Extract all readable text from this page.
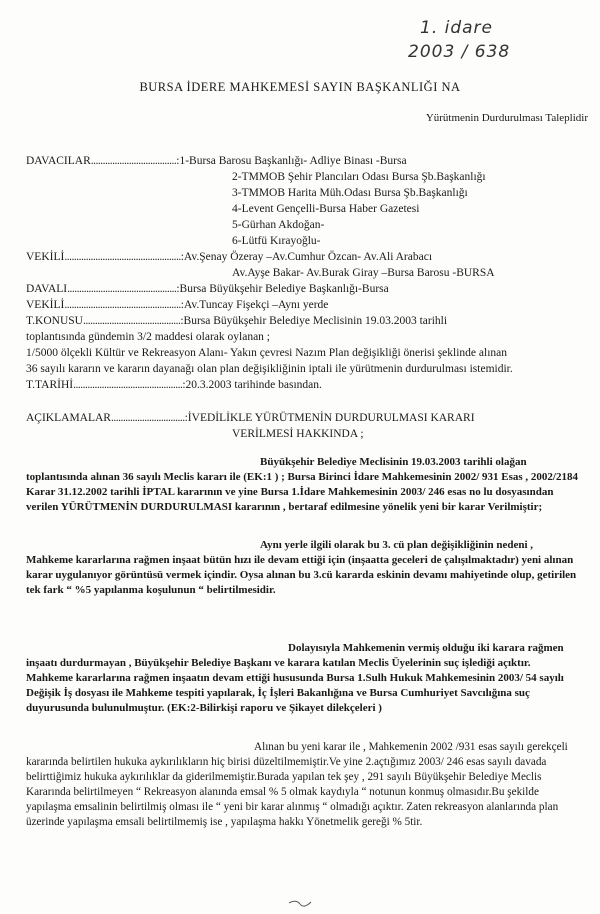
1. idare
2003 / 638
BURSA İDERE MAHKEMESİ SAYIN BAŞKANLIĞI NA
Yürütmenin Durdurulması Taleplidir
DAVACILAR....................................:1-Bursa Barosu Başkanlığı- Adliye Binası -Bursa
2-TMMOB Şehir Plancıları Odası Bursa Şb.Başkanlığı
3-TMMOB Harita Müh.Odası Bursa Şb.Başkanlığı
4-Levent Gençelli-Bursa Haber Gazetesi
5-Gürhan Akdoğan-
6-Lütfü Kırayoğlu-
VEKİLİ.................................................:Av.Şenay Özeray –Av.Cumhur Özcan- Av.Ali Arabacı
Av.Ayşe Bakar- Av.Burak Giray –Bursa Barosu -BURSA
DAVALI..............................................:Bursa Büyükşehir Belediye Başkanlığı-Bursa
VEKİLİ.................................................:Av.Tuncay Fişekçi –Aynı yerde
T.KONUSU.........................................:Bursa Büyükşehir Belediye Meclisinin 19.03.2003 tarihli
toplantısında gündemin 3/2 maddesi olarak oylanan ;
1/5000 ölçekli Kültür ve Rekreasyon Alanı- Yakın çevresi Nazım Plan değişikliği önerisi şeklinde alınan
36 sayılı kararın ve kararın dayanağı olan plan değişikliğinin iptali ile yürütmenin durdurulması istemidir.
T.TARİHİ..............................................:20.3.2003 tarihinde basından.
AÇIKLAMALAR...............................:İVEDİLİKLE YÜRÜTMENİN DURDURULMASI KARARI
VERİLMESİ HAKKINDA ;
Büyükşehir Belediye Meclisinin 19.03.2003 tarihli olağan toplantısında alınan 36 sayılı Meclis kararı ile (EK:1 ) ; Bursa Birinci İdare Mahkemesinin 2002/ 931 Esas , 2002/2184 Karar 31.12.2002 tarihli İPTAL kararının ve yine Bursa 1.İdare Mahkemesinin 2003/ 246 esas no lu dosyasından verilen YÜRÜTMENİN DURDURULMASI kararının , bertaraf edilmesine yönelik yeni bir karar Verilmiştir;
Aynı yerle ilgili olarak bu 3. cü plan değişikliğinin nedeni , Mahkeme kararlarına rağmen inşaat bütün hızı ile devam ettiği için (inşaatta geceleri de çalışılmaktadır) yeni alınan karar uygulanıyor görüntüsü vermek içindir. Oysa alınan bu 3.cü kararda eskinin devamı mahiyetinde olup, getirilen tek fark “ %5 yapılanma koşulunun “ belirtilmesidir.
Dolayısıyla Mahkemenin vermiş olduğu iki karara rağmen inşaatı durdurmayan , Büyükşehir Belediye Başkanı ve karara katılan Meclis Üyelerinin suç işlediği açıktır. Mahkeme kararlarına rağmen inşaatın devam ettiği hususunda Bursa 1.Sulh Hukuk Mahkemesinin 2003/ 54 sayılı Değişik İş dosyası ile Mahkeme tespiti yapılarak, İç İşleri Bakanlığına ve Bursa Cumhuriyet Savcılığına suç duyurusunda bulunulmuştur. (EK:2-Bilirkişi raporu ve Şikayet dilekçeleri )
Alınan bu yeni karar ile , Mahkemenin 2002 /931 esas sayılı gerekçeli kararında belirtilen hukuka aykırılıkların hiç birisi düzeltilmemiştir.Ve yine 2.açtığımız 2003/ 246 esas sayılı davada belirttiğimiz hukuka aykırılıklar da giderilmemiştir.Burada yapılan tek şey , 291 sayılı Büyükşehir Belediye Meclis Kararında belirtilmeyen “ Rekreasyon alanında emsal % 5 olmak kaydıyla “ notunun konmuş olmasıdır.Bu şekilde yapılaşma emsalinin belirtilmiş olması ile “ yeni bir karar alınmış “ olmadığı açıktır. Zaten rekreasyon alanlarında plan üzerinde yapılaşma emsali belirtilmemiş ise , yapılaşma hakkı Yönetmelik gereği % 5tir.
